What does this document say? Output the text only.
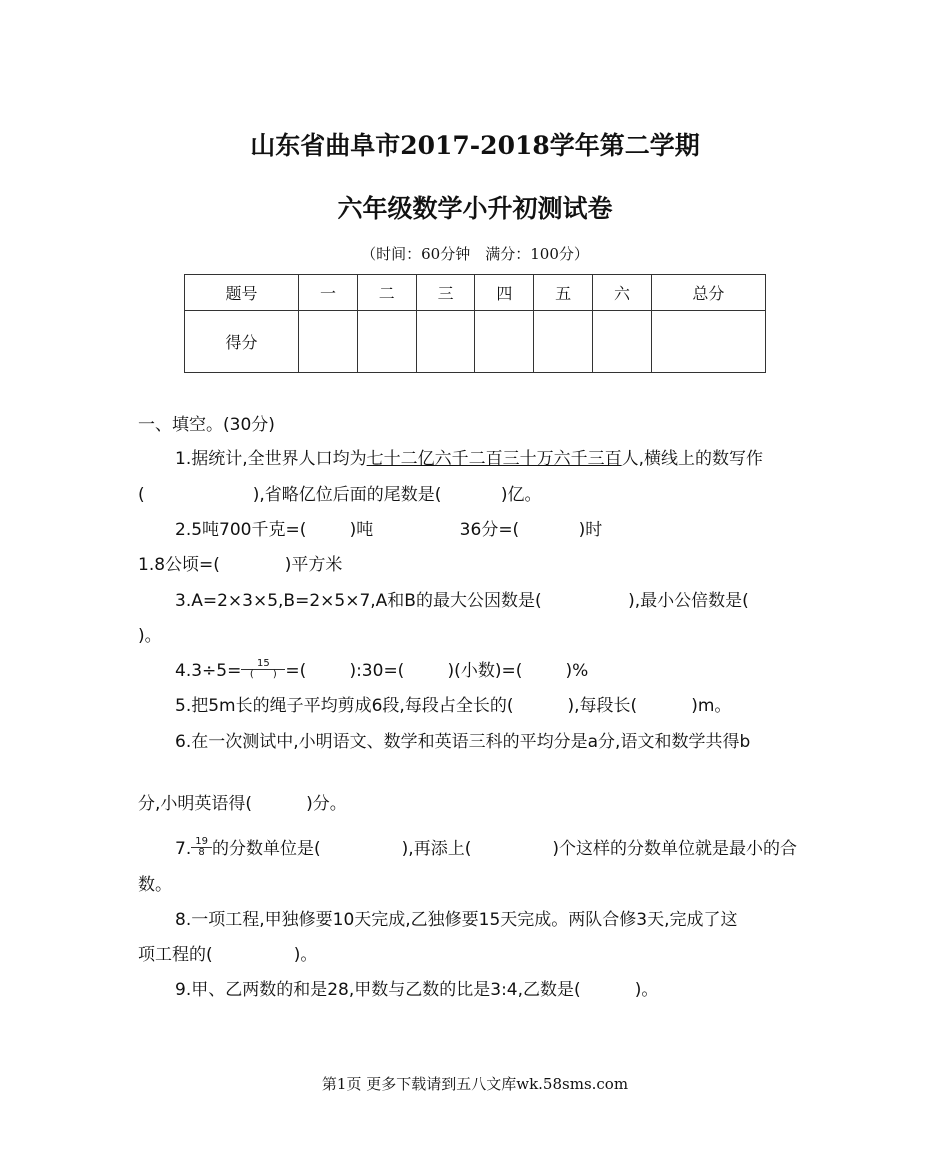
山东省曲阜市2017-2018学年第二学期
六年级数学小升初测试卷
（时间：60分钟　满分：100分）
题号	一	二	三	四	五	六	总分
得分							
一、填空。(30分)
1.据统计,全世界人口均为七十二亿六千二百三十万六千三百人,横线上的数写作
(                    ),省略亿位后面的尾数是(           )亿。
2.5吨700千克=(        )吨                36分=(           )时
1.8公顷=(            )平方米
3.A=2×3×5,B=2×5×7,A和B的最大公因数是(                ),最小公倍数是(
)。
$4.3\div 5= \frac{15}{( )}$ =(        ):30=(        )(小数)=(        )%
5.把5m长的绳子平均剪成6段,每段占全长的(          ),每段长(          )m。
6.在一次测试中,小明语文、数学和英语三科的平均分是a分,语文和数学共得b
分,小明英语得(          )分。
7. $\frac{19}{8}$ 的分数单位是(               ),再添上(               )个这样的分数单位就是最小的合
数。
8.一项工程,甲独修要10天完成,乙独修要15天完成。两队合修3天,完成了这
项工程的(               )。
9.甲、乙两数的和是28,甲数与乙数的比是3:4,乙数是(          )。
第1页 更多下载请到五八文库wk.58sms.com
